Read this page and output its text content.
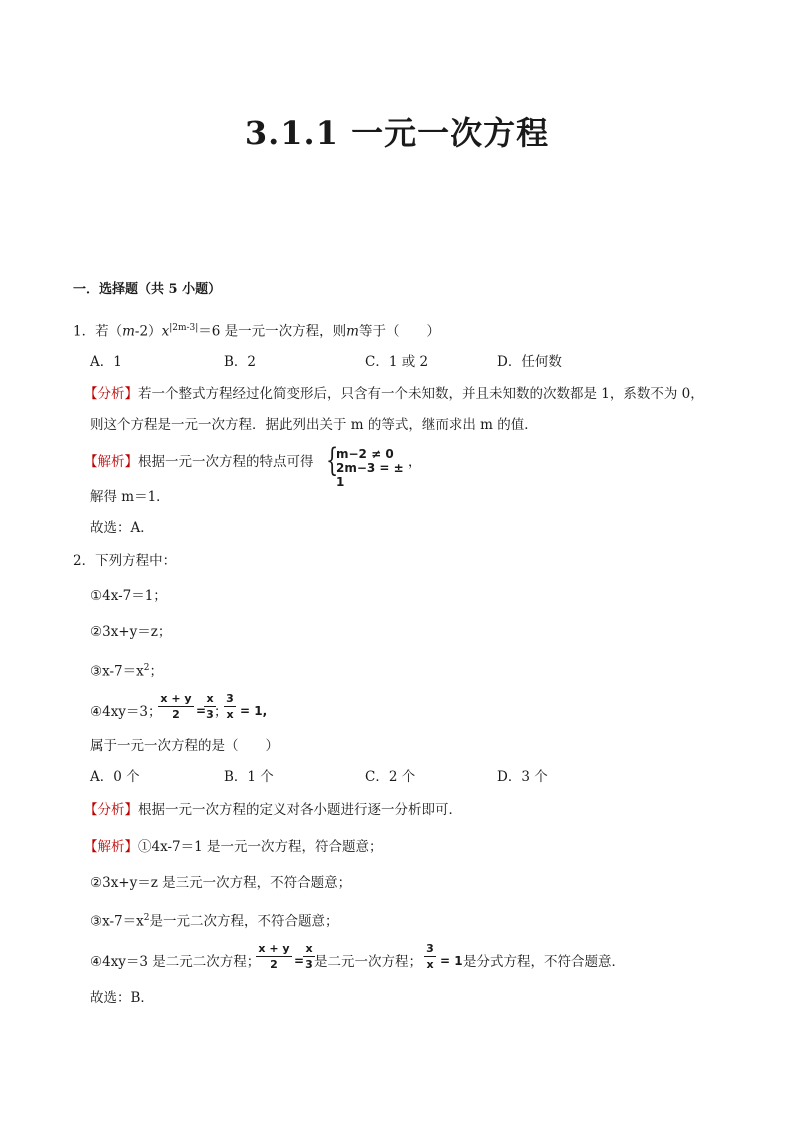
3.1.1 一元一次方程
一．选择题（共 5 小题）
1．若$(m-2)x^{|2m-3|}=6$ 是一元一次方程，则m等于（　　）
A．1	B．2	C．1 或 2	D．任何数
【分析】若一个整式方程经过化简变形后，只含有一个未知数，并且未知数的次数都是 1，系数不为 0，
则这个方程是一元一次方程．据此列出关于 m 的等式，继而求出 m 的值．
【解析】根据一元一次方程的特点可得 {
m−2 ≠ 0
2m−3 = ± 1
，
解得 m＝1．
故选：A．
2．下列方程中：
①4x-7＝1；
②3x+y＝z；
$③x-7=x^2$；
④4xy＝3；
x + y
2	=
x
3 ；
3
x = 1,
属于一元一次方程的是（　　）
A．0 个	B．1 个	C．2 个	D．3 个
【分析】根据一元一次方程的定义对各小题进行逐一分析即可．
【解析】①4x-7＝1 是一元一次方程，符合题意；
②3x+y＝z 是三元一次方程，不符合题意；
$③x-7=x^2$是一元二次方程，不符合题意；
④4xy＝3 是二元二次方程；
x + y
2	=
x
3 是二元一次方程；
3
x = 1 是分式方程，不符合题意．
故选：B．
